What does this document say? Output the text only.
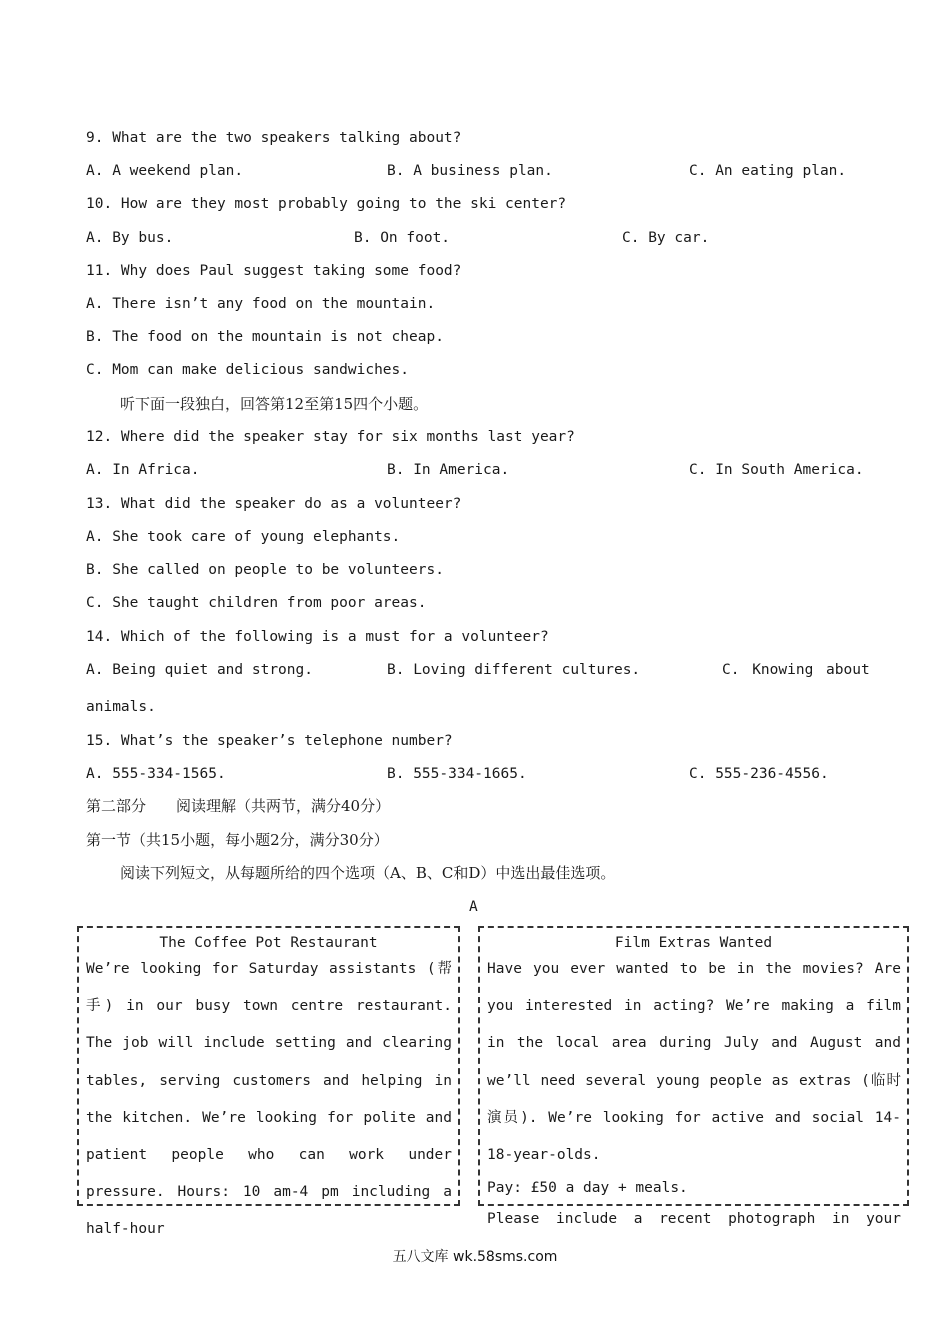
9. What are the two speakers talking about?
A. A weekend plan.	B. A business plan.	C. An eating plan.
10. How are they most probably going to the ski center?
A. By bus.	B. On foot.	C. By car.
11. Why does Paul suggest taking some food?
A. There isn’t any food on the mountain.
B. The food on the mountain is not cheap.
C. Mom can make delicious sandwiches.
听下面一段独白，回答第12至第15四个小题。
12. Where did the speaker stay for six months last year?
A. In Africa.	B. In America.	C. In South America.
13. What did the speaker do as a volunteer?
A. She took care of young elephants.
B. She called on people to be volunteers.
C. She taught children from poor areas.
14. Which of the following is a must for a volunteer?
A. Being quiet and strong.	B. Loving different cultures.	C. Knowing about
animals.
15. What’s the speaker’s telephone number?
A. 555-334-1565.	B. 555-334-1665.	C. 555-236-4556.
第二部分　　阅读理解（共两节，满分40分）
第一节（共15小题，每小题2分，满分30分）
阅读下列短文，从每题所给的四个选项（A、B、C和D）中选出最佳选项。
A
The Coffee Pot Restaurant
We’re looking for Saturday assistants (帮手) in our busy town centre restaurant. The job will include setting and clearing tables, serving customers and helping in the kitchen. We’re looking for polite and patient people who can work under pressure. Hours: 10 am-4 pm including a half-hour
Film Extras Wanted
Have you ever wanted to be in the movies? Are you interested in acting? We’re making a film in the local area during July and August and we’ll need several young people as extras (临时演员). We’re looking for active and social 14-18-year-olds.
Pay: £50 a day + meals.
Please include a recent photograph in your
五八文库 wk.58sms.com
